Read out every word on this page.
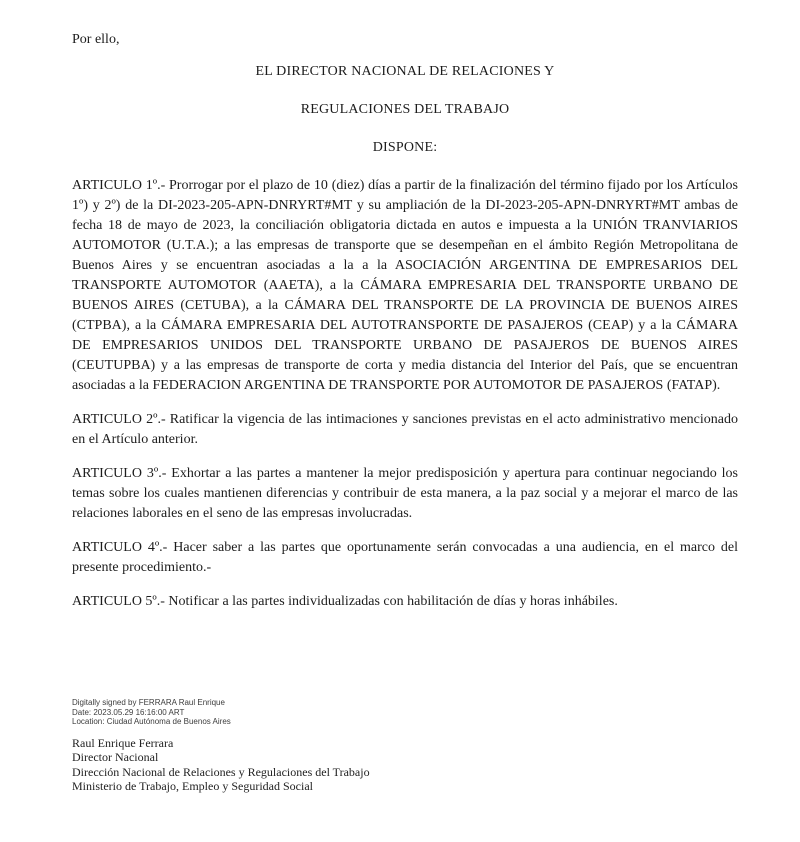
Por ello,

EL DIRECTOR NACIONAL DE RELACIONES Y

REGULACIONES DEL TRABAJO

DISPONE:

ARTICULO 1º.- Prorrogar por el plazo de 10 (diez) días a partir de la finalización del término fijado por los Artículos 1º) y 2º) de la DI-2023-205-APN-DNRYRT#MT y su ampliación de la DI-2023-205-APN-DNRYRT#MT ambas de fecha 18 de mayo de 2023, la conciliación obligatoria dictada en autos e impuesta a la UNIÓN TRANVIARIOS AUTOMOTOR (U.T.A.); a las empresas de transporte que se desempeñan en el ámbito Región Metropolitana de Buenos Aires y se encuentran asociadas a la a la ASOCIACIÓN ARGENTINA DE EMPRESARIOS DEL TRANSPORTE AUTOMOTOR (AAETA), a la CÁMARA EMPRESARIA DEL TRANSPORTE URBANO DE BUENOS AIRES (CETUBA), a la CÁMARA DEL TRANSPORTE DE LA PROVINCIA DE BUENOS AIRES (CTPBA), a la CÁMARA EMPRESARIA DEL AUTOTRANSPORTE DE PASAJEROS (CEAP) y a la CÁMARA DE EMPRESARIOS UNIDOS DEL TRANSPORTE URBANO DE PASAJEROS DE BUENOS AIRES (CEUTUPBA) y a las empresas de transporte de corta y media distancia del Interior del País, que se encuentran asociadas a la FEDERACION ARGENTINA DE TRANSPORTE POR AUTOMOTOR DE PASAJEROS (FATAP).

ARTICULO 2º.- Ratificar la vigencia de las intimaciones y sanciones previstas en el acto administrativo mencionado en el Artículo anterior.

ARTICULO 3º.- Exhortar a las partes a mantener la mejor predisposición y apertura para continuar negociando los temas sobre los cuales mantienen diferencias y contribuir de esta manera, a la paz social y a mejorar el marco de las relaciones laborales en el seno de las empresas involucradas.

ARTICULO 4º.- Hacer saber a las partes que oportunamente serán convocadas a una audiencia, en el marco del presente procedimiento.-

ARTICULO 5º.- Notificar a las partes individualizadas con habilitación de días y horas inhábiles.

Digitally signed by FERRARA Raul Enrique
Date: 2023.05.29 16:16:00 ART
Location: Ciudad Autónoma de Buenos Aires
Raul Enrique Ferrara
Director Nacional
Dirección Nacional de Relaciones y Regulaciones del Trabajo
Ministerio de Trabajo, Empleo y Seguridad Social
